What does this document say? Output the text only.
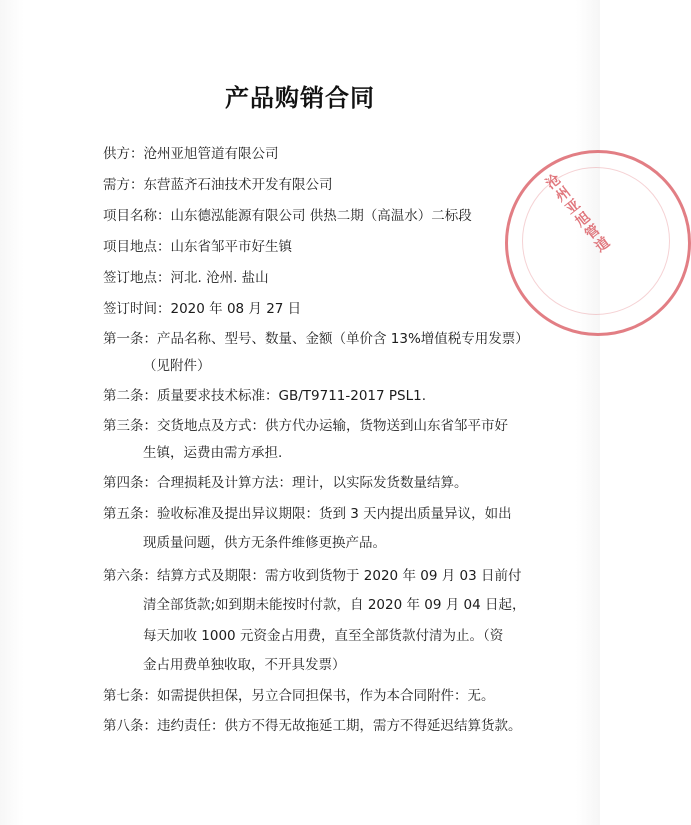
产品购销合同
供方：沧州亚旭管道有限公司
需方：东营蓝齐石油技术开发有限公司
项目名称：山东德泓能源有限公司 供热二期（高温水）二标段
项目地点：山东省邹平市好生镇
签订地点：河北. 沧州. 盐山
签订时间：2020 年 08 月 27 日
第一条：产品名称、型号、数量、金额（单价含 13%增值税专用发票）
（见附件）
第二条：质量要求技术标准：GB/T9711-2017 PSL1.
第三条：交货地点及方式：供方代办运输，货物送到山东省邹平市好
生镇，运费由需方承担.
第四条：合理损耗及计算方法：理计，以实际发货数量结算。
第五条：验收标准及提出异议期限：货到 3 天内提出质量异议，如出
现质量问题，供方无条件维修更换产品。
第六条：结算方式及期限：需方收到货物于 2020 年 09 月 03 日前付
清全部货款;如到期未能按时付款，自 2020 年 09 月 04 日起，
每天加收 1000 元资金占用费，直至全部货款付清为止。（资
金占用费单独收取，不开具发票）
第七条：如需提供担保，另立合同担保书，作为本合同附件：无。
第八条：违约责任：供方不得无故拖延工期，需方不得延迟结算货款。
沧州亚旭管道
